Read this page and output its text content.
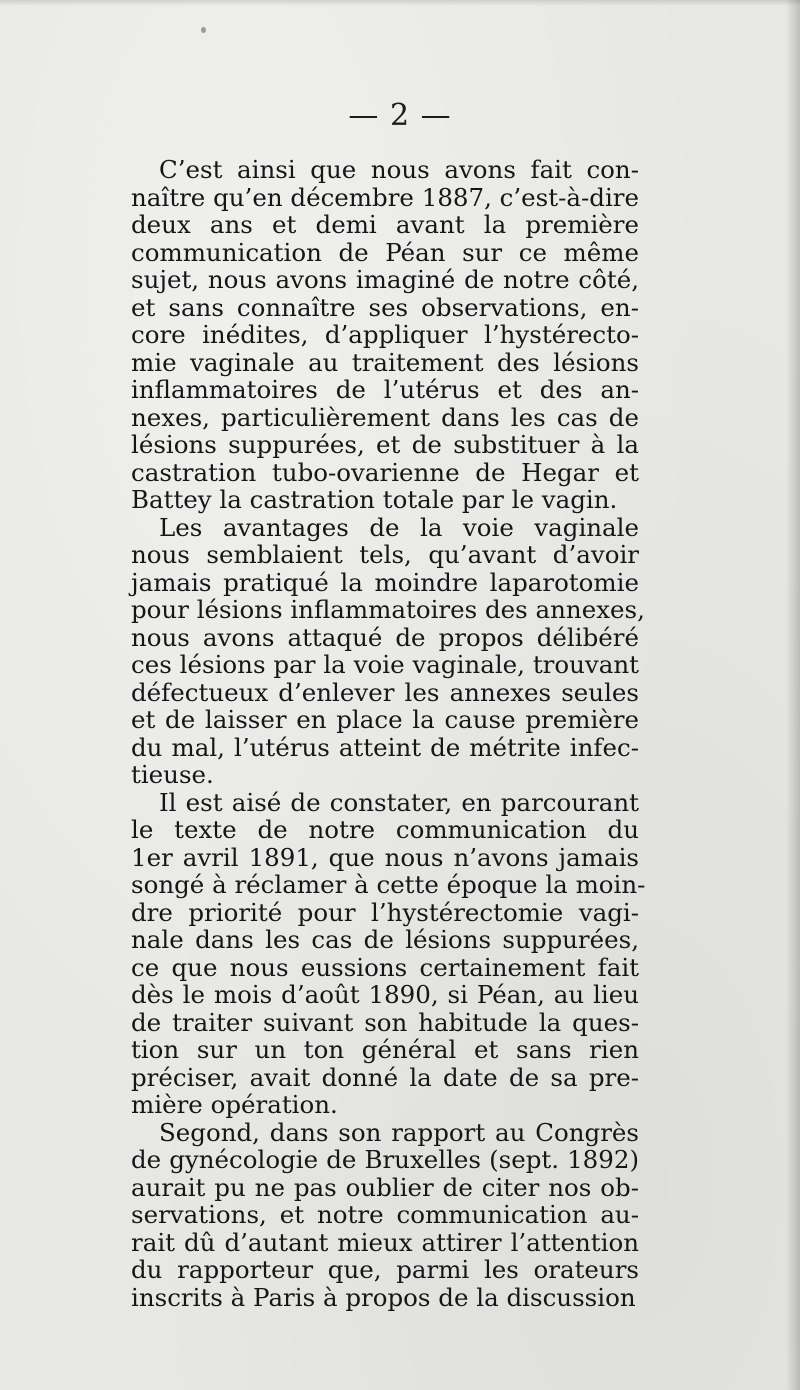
— 2 —
C’est ainsi que nous avons fait con-
naître qu’en décembre 1887, c’est-à-dire
deux ans et demi avant la première
communication de Péan sur ce même
sujet, nous avons imaginé de notre côté,
et sans connaître ses observations, en-
core inédites, d’appliquer l’hystérecto-
mie vaginale au traitement des lésions
inflammatoires de l’utérus et des an-
nexes, particulièrement dans les cas de
lésions suppurées, et de substituer à la
castration tubo-ovarienne de Hegar et
Battey la castration totale par le vagin.
Les avantages de la voie vaginale
nous semblaient tels, qu’avant d’avoir
jamais pratiqué la moindre laparotomie
pour lésions inflammatoires des annexes,
nous avons attaqué de propos délibéré
ces lésions par la voie vaginale, trouvant
défectueux d’enlever les annexes seules
et de laisser en place la cause première
du mal, l’utérus atteint de métrite infec-
tieuse.
Il est aisé de constater, en parcourant
le texte de notre communication du
1er avril 1891, que nous n’avons jamais
songé à réclamer à cette époque la moin-
dre priorité pour l’hystérectomie vagi-
nale dans les cas de lésions suppurées,
ce que nous eussions certainement fait
dès le mois d’août 1890, si Péan, au lieu
de traiter suivant son habitude la ques-
tion sur un ton général et sans rien
préciser, avait donné la date de sa pre-
mière opération.
Segond, dans son rapport au Congrès
de gynécologie de Bruxelles (sept. 1892)
aurait pu ne pas oublier de citer nos ob-
servations, et notre communication au-
rait dû d’autant mieux attirer l’attention
du rapporteur que, parmi les orateurs
inscrits à Paris à propos de la discussion
